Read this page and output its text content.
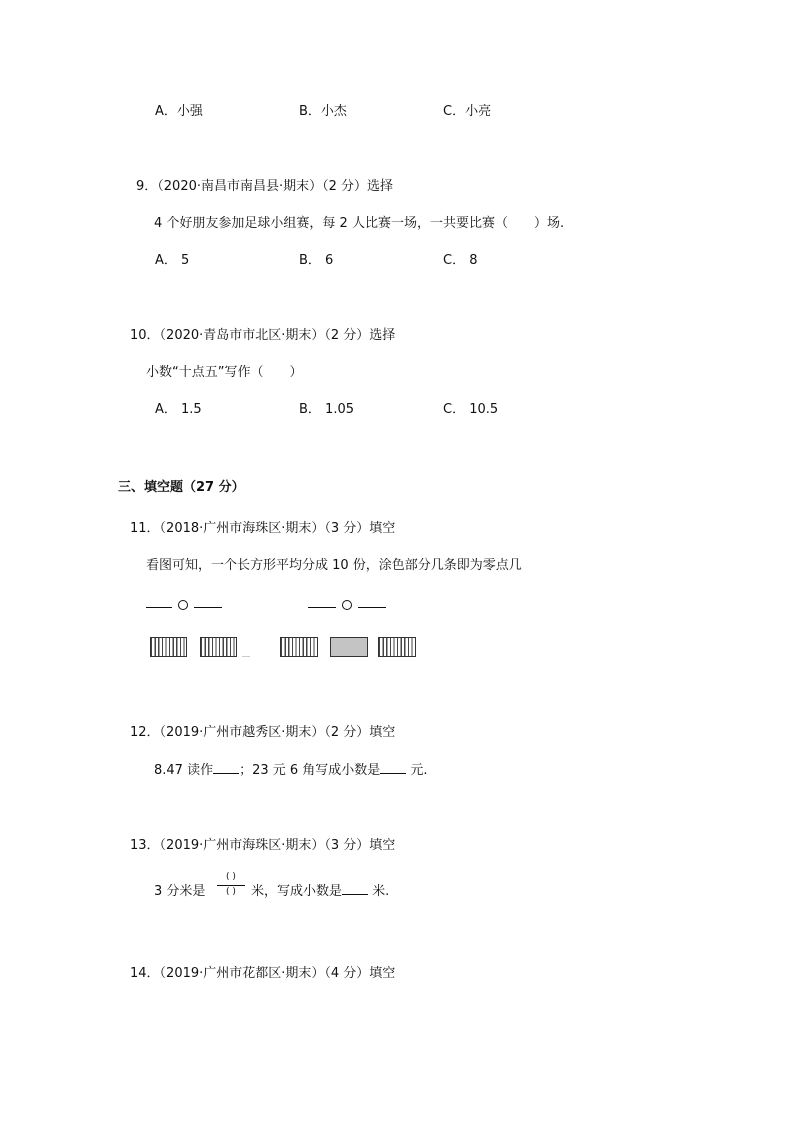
A．小强	B．小杰	C．小亮
9．（2020·南昌市南昌县·期末）（2 分）选择
4 个好朋友参加足球小组赛，每 2 人比赛一场，一共要比赛（　　）场.
A． 5	B． 6	C． 8
10．（2020·青岛市市北区·期末）（2 分）选择
小数“十点五”写作（　　）
A． 1.5	B． 1.05	C． 10.5
三、填空题（27 分）
11．（2018·广州市海珠区·期末）（3 分）填空
看图可知，一个长方形平均分成 10 份，涂色部分几条即为零点几
12．（2019·广州市越秀区·期末）（2 分）填空
8.47 读作 ；23 元 6 角写成小数是 元.
13．（2019·广州市海珠区·期末）（3 分）填空
3 分米是
( )
( )	米，写成小数是 米.
14．（2019·广州市花都区·期末）（4 分）填空
